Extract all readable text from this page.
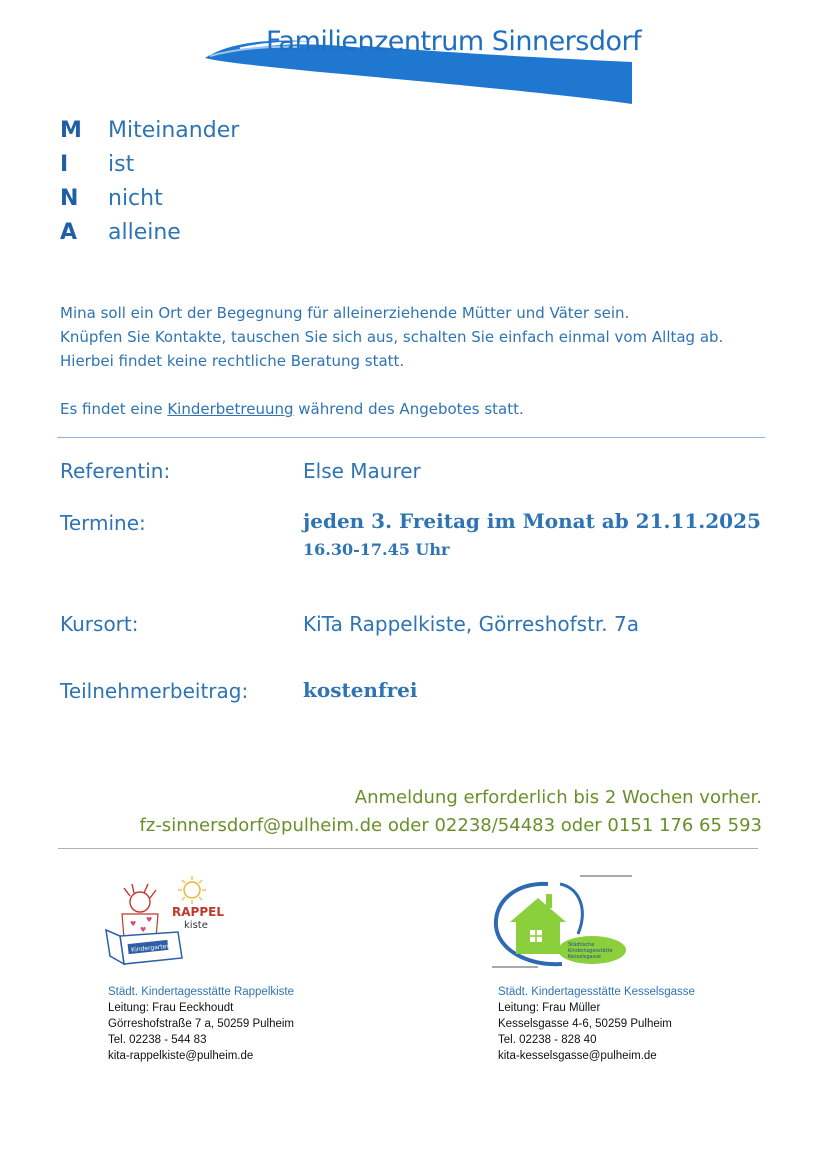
Familienzentrum Sinnersdorf
M	Miteinander
I	ist
N	nicht
A	alleine
Mina soll ein Ort der Begegnung für alleinerziehende Mütter und Väter sein.
Knüpfen Sie Kontakte, tauschen Sie sich aus, schalten Sie einfach einmal vom Alltag ab.
Hierbei findet keine rechtliche Beratung statt.
Es findet eine Kinderbetreuung während des Angebotes statt.
Referentin:	Else Maurer
Termine:	jeden 3. Freitag im Monat ab 21.11.2025
16.30-17.45 Uhr
Kursort:	KiTa Rappelkiste, Görreshofstr. 7a
Teilnehmerbeitrag:	kostenfrei
Anmeldung erforderlich bis 2 Wochen vorher.
fz-sinnersdorf@pulheim.de oder 02238/54483 oder 0151 176 65 593
♥
♥
♥
Kindergarten
RAPPEL
kiste
Städtische
Kindertagesstätte
Kesselsgasse
Städt. Kindertagesstätte Rappelkiste
Leitung: Frau Eeckhoudt
Görreshofstraße 7 a, 50259 Pulheim
Tel. 02238 - 544 83
kita-rappelkiste@pulheim.de
Städt. Kindertagesstätte Kesselsgasse
Leitung: Frau Müller
Kesselsgasse 4-6, 50259 Pulheim
Tel. 02238 - 828 40
kita-kesselsgasse@pulheim.de
